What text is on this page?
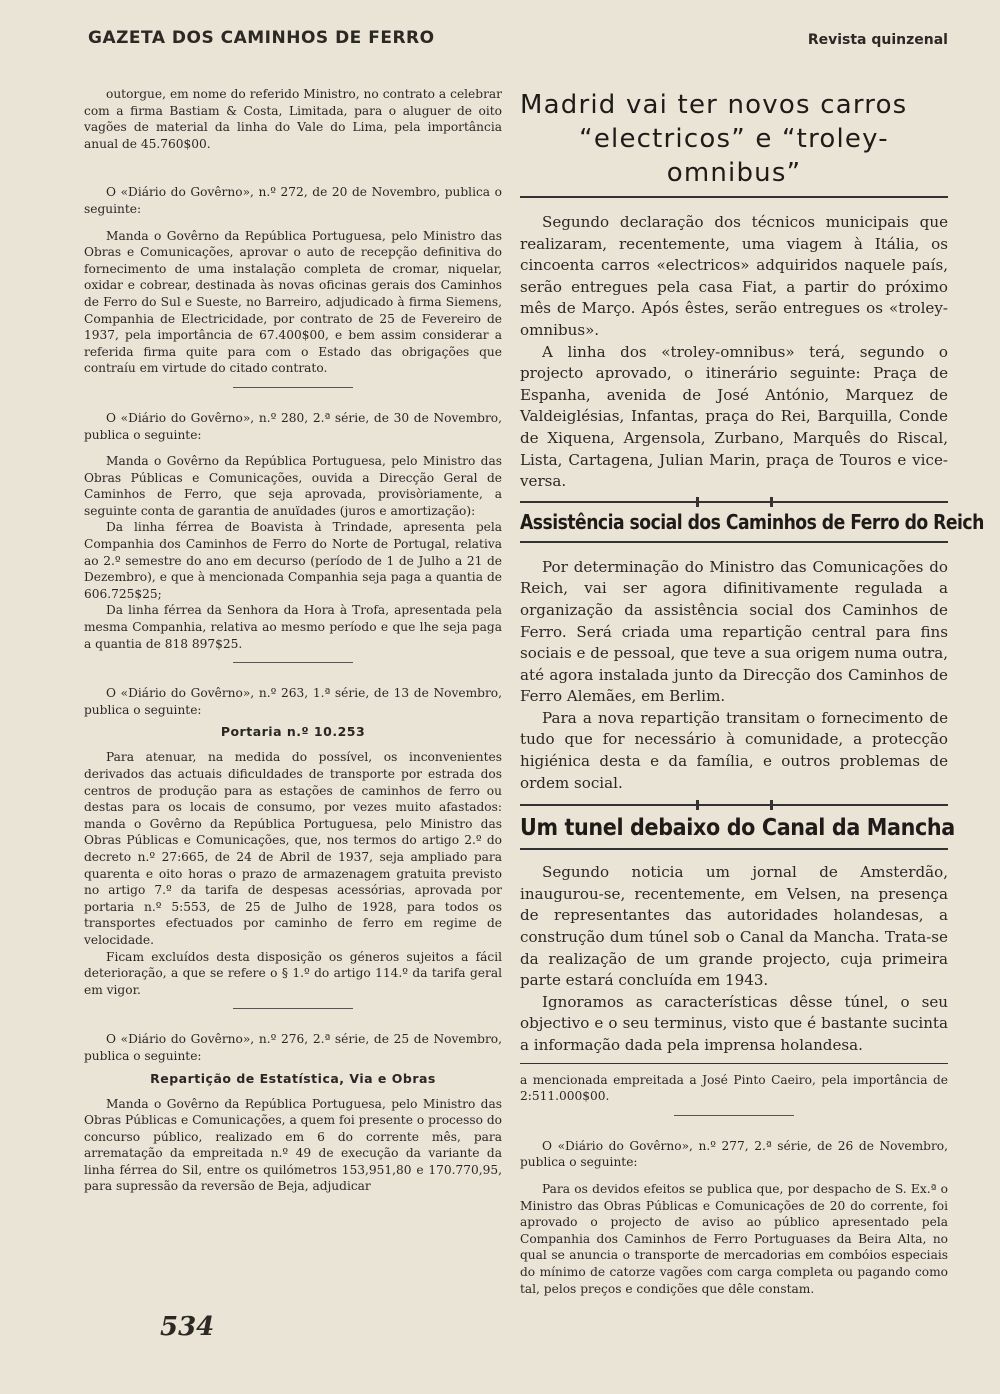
GAZETA DOS CAMINHOS DE FERRO	Revista quinzenal

outorgue, em nome do referido Ministro, no contrato a celebrar com a firma Bastiam & Costa, Limitada, para o aluguer de oito vagões de material da linha do Vale do Lima, pela importância anual de 45.760$00.

O «Diário do Govêrno», n.º 272, de 20 de Novembro, publica o seguinte:

Manda o Govêrno da República Portuguesa, pelo Ministro das Obras e Comunicações, aprovar o auto de recepção definitiva do fornecimento de uma instalação completa de cromar, niquelar, oxidar e cobrear, destinada às novas oficinas gerais dos Caminhos de Ferro do Sul e Sueste, no Barreiro, adjudicado à firma Siemens, Companhia de Electricidade, por contrato de 25 de Fevereiro de 1937, pela importância de 67.400$00, e bem assim considerar a referida firma quite para com o Estado das obrigações que contraíu em virtude do citado contrato.

O «Diário do Govêrno», n.º 280, 2.ª série, de 30 de Novembro, publica o seguinte:

Manda o Govêrno da República Portuguesa, pelo Ministro das Obras Públicas e Comunicações, ouvida a Direcção Geral de Caminhos de Ferro, que seja aprovada, provisòriamente, a seguinte conta de garantia de anuïdades (juros e amortização):

Da linha férrea de Boavista à Trindade, apresenta pela Companhia dos Caminhos de Ferro do Norte de Portugal, relativa ao 2.º semestre do ano em decurso (período de 1 de Julho a 21 de Dezembro), e que à mencionada Companhia seja paga a quantia de 606.725$25;

Da linha férrea da Senhora da Hora à Trofa, apresentada pela mesma Companhia, relativa ao mesmo período e que lhe seja paga a quantia de 818 897$25.

O «Diário do Govêrno», n.º 263, 1.ª série, de 13 de Novembro, publica o seguinte:

Portaria n.º 10.253

Para atenuar, na medida do possível, os inconvenientes derivados das actuais dificuldades de transporte por estrada dos centros de produção para as estações de caminhos de ferro ou destas para os locais de consumo, por vezes muito afastados: manda o Govêrno da República Portuguesa, pelo Ministro das Obras Públicas e Comunicações, que, nos termos do artigo 2.º do decreto n.º 27:665, de 24 de Abril de 1937, seja ampliado para quarenta e oito horas o prazo de armazenagem gratuita previsto no artigo 7.º da tarifa de despesas acessórias, aprovada por portaria n.º 5:553, de 25 de Julho de 1928, para todos os transportes efectuados por caminho de ferro em regime de velocidade.

Ficam excluídos desta disposição os géneros sujeitos a fácil deterioração, a que se refere o § 1.º do artigo 114.º da tarifa geral em vigor.

O «Diário do Govêrno», n.º 276, 2.ª série, de 25 de Novembro, publica o seguinte:

Repartição de Estatística, Via e Obras

Manda o Govêrno da República Portuguesa, pelo Ministro das Obras Públicas e Comunicações, a quem foi presente o processo do concurso público, realizado em 6 do corrente mês, para arrematação da empreitada n.º 49 de execução da variante da linha férrea do Sil, entre os quilómetros 153,951,80 e 170.770,95, para supressão da reversão de Beja, adjudicar

Madrid vai ter novos carros
“electricos” e “troley-omnibus”

Segundo declaração dos técnicos municipais que realizaram, recentemente, uma viagem à Itália, os cincoenta carros «electricos» adquiridos naquele país, serão entregues pela casa Fiat, a partir do próximo mês de Março. Após êstes, serão entregues os «troley-omnibus».

A linha dos «troley-omnibus» terá, segundo o projecto aprovado, o itinerário seguinte: Praça de Espanha, avenida de José António, Marquez de Valdeiglésias, Infantas, praça do Rei, Barquilla, Conde de Xiquena, Argensola, Zurbano, Marquês do Riscal, Lista, Cartagena, Julian Marin, praça de Touros e vice-versa.

Assistência social dos Caminhos de Ferro do Reich

Por determinação do Ministro das Comunicações do Reich, vai ser agora difinitivamente regulada a organização da assistência social dos Caminhos de Ferro. Será criada uma repartição central para fins sociais e de pessoal, que teve a sua origem numa outra, até agora instalada junto da Direcção dos Caminhos de Ferro Alemães, em Berlim.

Para a nova repartição transitam o fornecimento de tudo que for necessário à comunidade, a protecção higiénica desta e da família, e outros problemas de ordem social.

Um tunel debaixo do Canal da Mancha

Segundo noticia um jornal de Amsterdão, inaugurou-se, recentemente, em Velsen, na presença de representantes das autoridades holandesas, a construção dum túnel sob o Canal da Mancha. Trata-se da realização de um grande projecto, cuja primeira parte estará concluída em 1943.

Ignoramos as características dêsse túnel, o seu objectivo e o seu terminus, visto que é bastante sucinta a informação dada pela imprensa holandesa.

a mencionada empreitada a José Pinto Caeiro, pela importância de 2:511.000$00.

O «Diário do Govêrno», n.º 277, 2.ª série, de 26 de Novembro, publica o seguinte:

Para os devidos efeitos se publica que, por despacho de S. Ex.ª o Ministro das Obras Públicas e Comunicações de 20 do corrente, foi aprovado o projecto de aviso ao público apresentado pela Companhia dos Caminhos de Ferro Portuguases da Beira Alta, no qual se anuncia o transporte de mercadorias em combóios especiais do mínimo de catorze vagões com carga completa ou pagando como tal, pelos preços e condições que dêle constam.

534
